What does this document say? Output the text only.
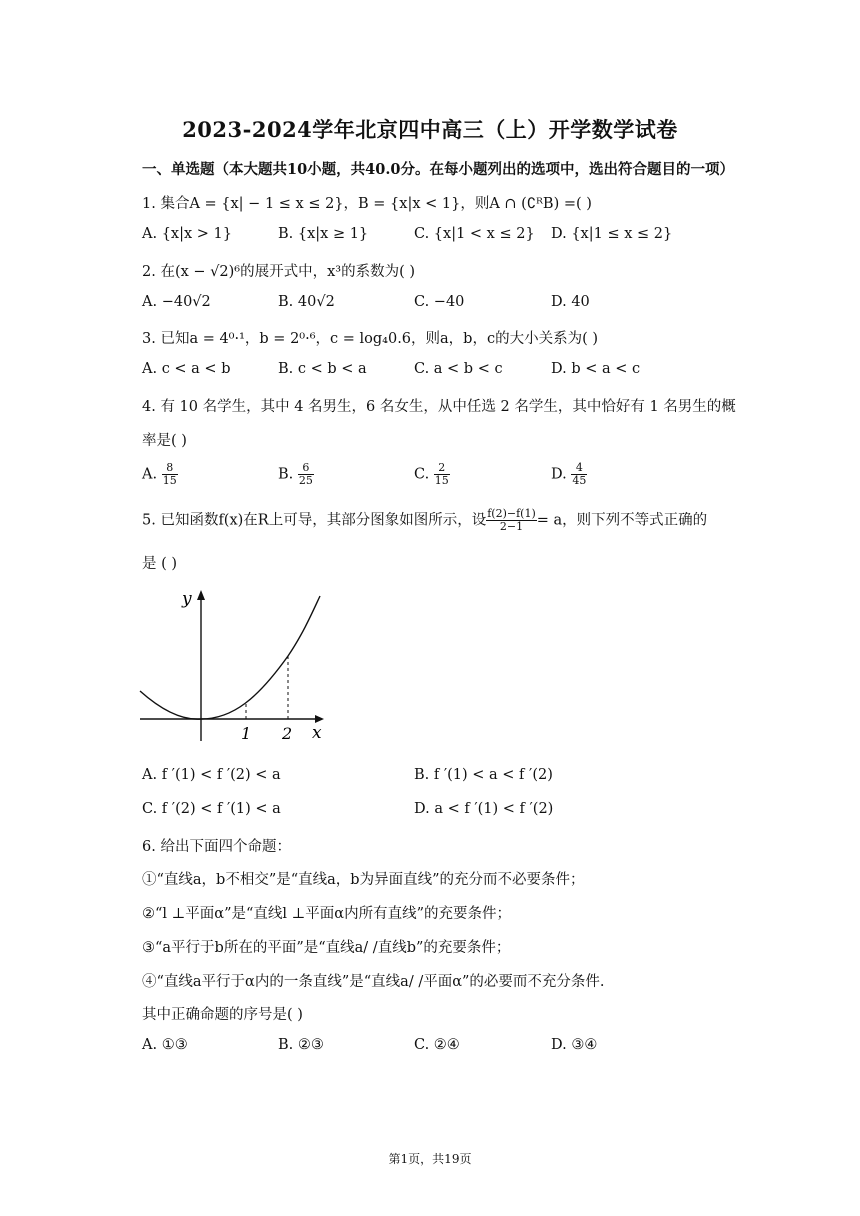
2023-2024学年北京四中高三（上）开学数学试卷
一、单选题（本大题共10小题，共40.0分。在每小题列出的选项中，选出符合题目的一项）
1. 集合A = {x| − 1 ≤ x ≤ 2}，B = {x|x < 1}，则A ∩ (∁ᴿB) =( )
A. {x|x > 1}	B. {x|x ≥ 1}	C. {x|1 < x ≤ 2} D. {x|1 ≤ x ≤ 2}
2. 在(x − √2)⁶的展开式中，x³的系数为( )
A. −40√2	B. 40√2	C. −40	D. 40
3. 已知a = 4⁰·¹，b = 2⁰·⁶，c = log₄0.6，则a，b，c的大小关系为( )
A. c < a < b	B. c < b < a	C. a < b < c	D. b < a < c
4. 有 10 名学生，其中 4 名男生，6 名女生，从中任选 2 名学生，其中恰好有 1 名男生的概
率是( )
A. $\frac{8}{15}$	B. $\frac{6}{25}$	C. $\frac{2}{15}$	D. $\frac{4}{45}$
5. 已知函数f(x)在R上可导，其部分图象如图所示，设 $\frac{f(2)-f(1)}{2-1} = a$，则下列不等式正确的
是 ( )
y
x
1 2
A. f ′(1) < f ′(2) < a	B. f ′(1) < a < f ′(2)
C. f ′(2) < f ′(1) < a	D. a < f ′(1) < f ′(2)
6. 给出下面四个命题：
①“直线a，b不相交”是“直线a，b为异面直线”的充分而不必要条件；
②“l ⊥平面α”是“直线l ⊥平面α内所有直线”的充要条件；
③“a平行于b所在的平面”是“直线a/ /直线b”的充要条件；
④“直线a平行于α内的一条直线”是“直线a/ /平面α”的必要而不充分条件.
其中正确命题的序号是( )
A. ①③	B. ②③	C. ②④	D. ③④
第1页，共19页
